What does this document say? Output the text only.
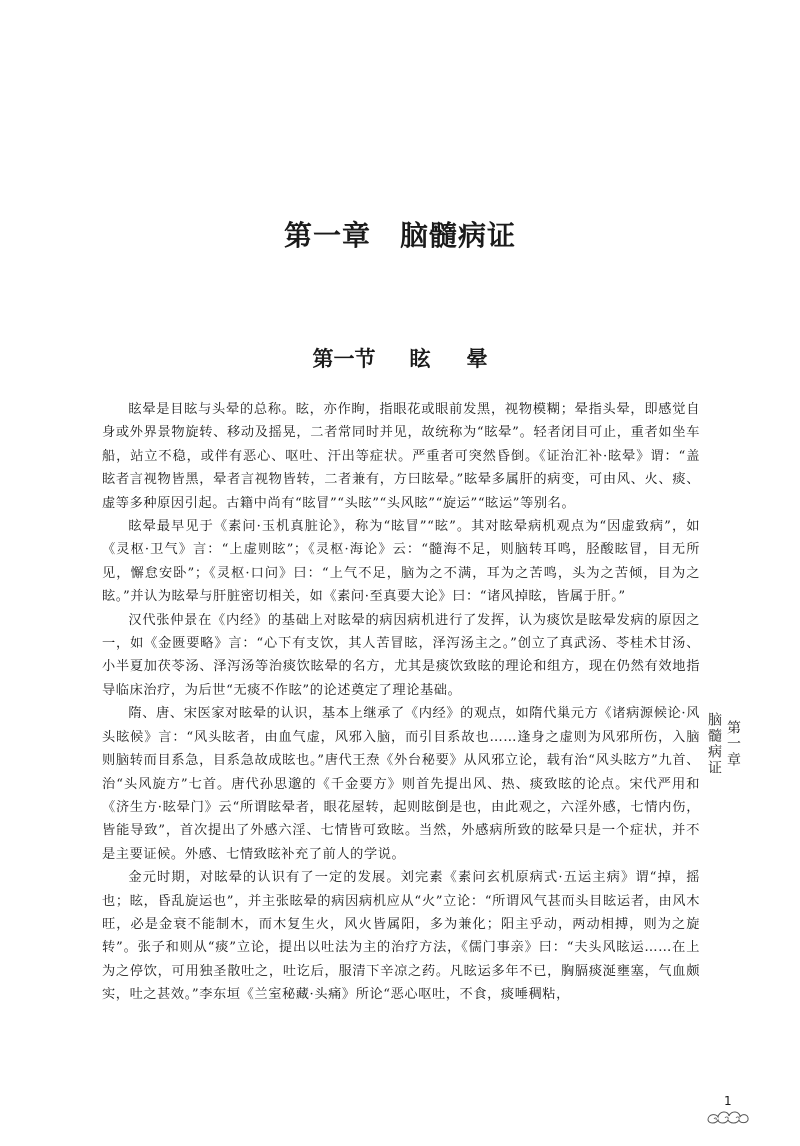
第一章　脑髓病证
第一节 眩 晕

眩晕是目眩与头晕的总称。眩，亦作眴，指眼花或眼前发黑，视物模糊；晕指头晕，即感觉自身或外界景物旋转、移动及摇晃，二者常同时并见，故统称为“眩晕”。轻者闭目可止，重者如坐车船，站立不稳，或伴有恶心、呕吐、汗出等症状。严重者可突然昏倒。《证治汇补·眩晕》谓：“盖眩者言视物皆黑，晕者言视物皆转，二者兼有，方曰眩晕。”眩晕多属肝的病变，可由风、火、痰、虚等多种原因引起。古籍中尚有“眩冒”“头眩”“头风眩”“旋运”“眩运”等别名。

眩晕最早见于《素问·玉机真脏论》，称为“眩冒”“眩”。其对眩晕病机观点为“因虚致病”，如《灵枢·卫气》言：“上虚则眩”；《灵枢·海论》云：“髓海不足，则脑转耳鸣，胫酸眩冒，目无所见，懈怠安卧”；《灵枢·口问》曰：“上气不足，脑为之不满，耳为之苦鸣，头为之苦倾，目为之眩。”并认为眩晕与肝脏密切相关，如《素问·至真要大论》曰：“诸风掉眩，皆属于肝。”

汉代张仲景在《内经》的基础上对眩晕的病因病机进行了发挥，认为痰饮是眩晕发病的原因之一，如《金匮要略》言：“心下有支饮，其人苦冒眩，泽泻汤主之。”创立了真武汤、苓桂术甘汤、小半夏加茯苓汤、泽泻汤等治痰饮眩晕的名方，尤其是痰饮致眩的理论和组方，现在仍然有效地指导临床治疗，为后世“无痰不作眩”的论述奠定了理论基础。

隋、唐、宋医家对眩晕的认识，基本上继承了《内经》的观点，如隋代巢元方《诸病源候论·风头眩候》言：“风头眩者，由血气虚，风邪入脑，而引目系故也……逢身之虚则为风邪所伤，入脑则脑转而目系急，目系急故成眩也。”唐代王焘《外台秘要》从风邪立论，载有治“风头眩方”九首、治“头风旋方”七首。唐代孙思邈的《千金要方》则首先提出风、热、痰致眩的论点。宋代严用和《济生方·眩晕门》云“所谓眩晕者，眼花屋转，起则眩倒是也，由此观之，六淫外感，七情内伤，皆能导致”，首次提出了外感六淫、七情皆可致眩。当然，外感病所致的眩晕只是一个症状，并不是主要证候。外感、七情致眩补充了前人的学说。

金元时期，对眩晕的认识有了一定的发展。刘完素《素问玄机原病式·五运主病》谓“掉，摇也；眩，昏乱旋运也”，并主张眩晕的病因病机应从“火”立论：“所谓风气甚而头目眩运者，由风木旺，必是金衰不能制木，而木复生火，风火皆属阳，多为兼化；阳主乎动，两动相搏，则为之旋转”。张子和则从“痰”立论，提出以吐法为主的治疗方法，《儒门事亲》曰：“夫头风眩运……在上为之停饮，可用独圣散吐之，吐讫后，服清下辛凉之药。凡眩运多年不已，胸膈痰涎壅塞，气血颇实，吐之甚效。”李东垣《兰室秘藏·头痛》所论“恶心呕吐，不食，痰唾稠粘，

第一章
脑髓病证
1
